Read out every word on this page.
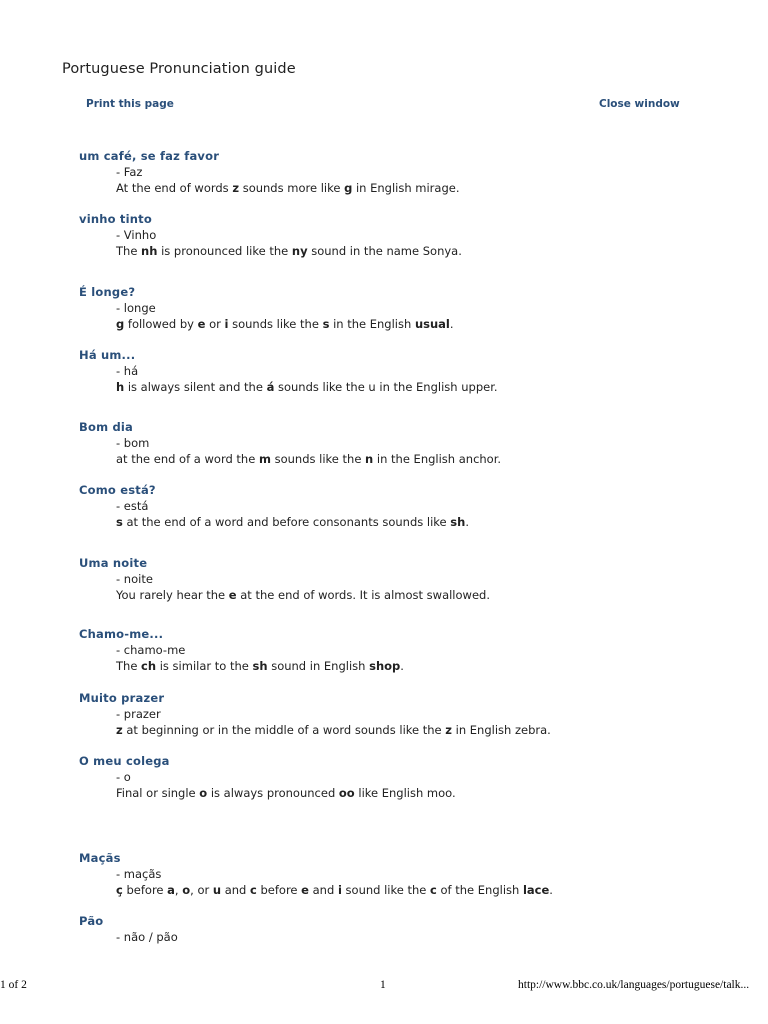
Portuguese Pronunciation guide
Print this page	Close window
um café, se faz favor
- Faz
At the end of words z sounds more like g in English mirage.
vinho tinto
- Vinho
The nh is pronounced like the ny sound in the name Sonya.
É longe?
- longe
g followed by e or i sounds like the s in the English usual.
Há um...
- há
h is always silent and the á sounds like the u in the English upper.
Bom dia
- bom
at the end of a word the m sounds like the n in the English anchor.
Como está?
- está
s at the end of a word and before consonants sounds like sh.
Uma noite
- noite
You rarely hear the e at the end of words. It is almost swallowed.
Chamo-me...
- chamo-me
The ch is similar to the sh sound in English shop.
Muito prazer
- prazer
z at beginning or in the middle of a word sounds like the z in English zebra.
O meu colega
- o
Final or single o is always pronounced oo like English moo.
Maçãs
- maçãs
ç before a, o, or u and c before e and i sound like the c of the English lace.
Pão
- não / pão
1 of 2	1	http://www.bbc.co.uk/languages/portuguese/talk...
